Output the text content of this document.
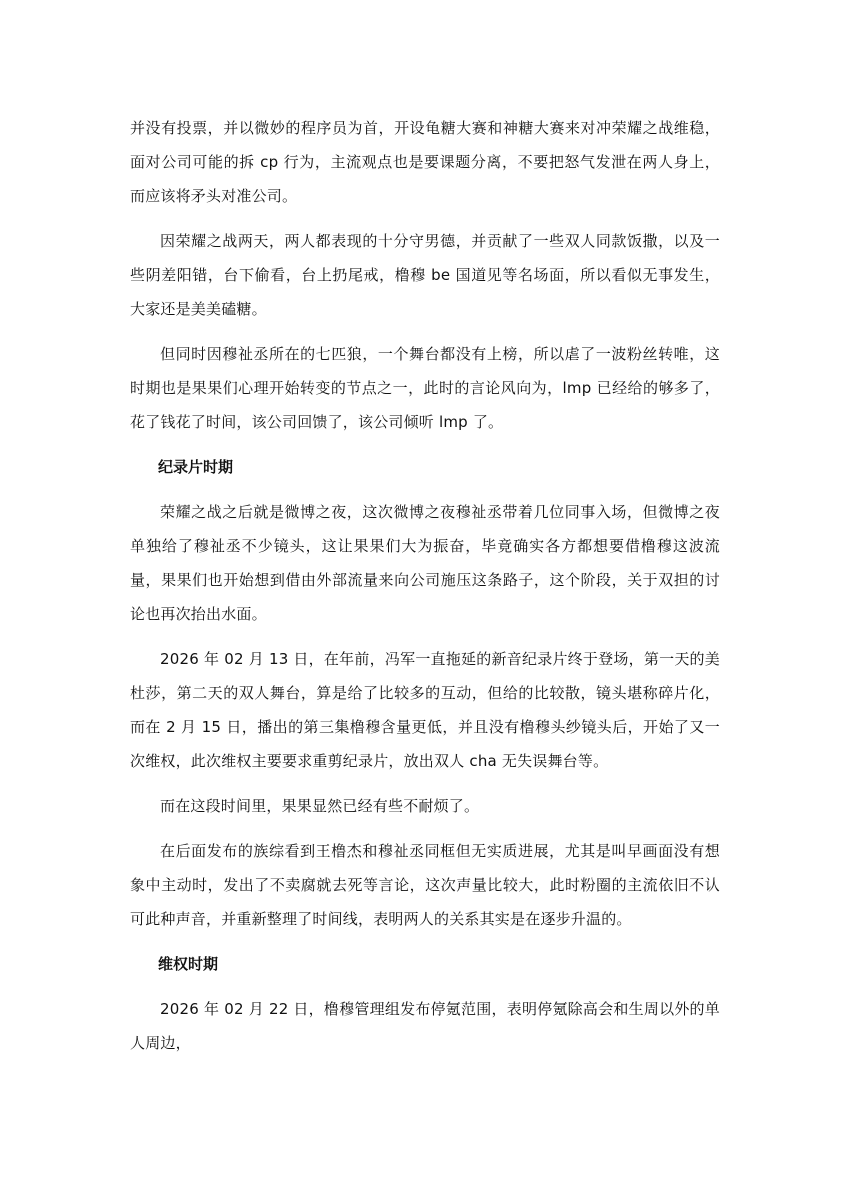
并没有投票，并以微妙的程序员为首，开设龟糖大赛和神糖大赛来对冲荣耀之战维稳，面对公司可能的拆 cp 行为，主流观点也是要课题分离，不要把怒气发泄在两人身上，而应该将矛头对准公司。

因荣耀之战两天，两人都表现的十分守男德，并贡献了一些双人同款饭撒，以及一些阴差阳错，台下偷看，台上扔尾戒，橹穆 be 国道见等名场面，所以看似无事发生，大家还是美美磕糖。

但同时因穆祉丞所在的七匹狼，一个舞台都没有上榜，所以虐了一波粉丝转唯，这时期也是果果们心理开始转变的节点之一，此时的言论风向为，lmp 已经给的够多了，花了钱花了时间，该公司回馈了，该公司倾听 lmp 了。

纪录片时期

荣耀之战之后就是微博之夜，这次微博之夜穆祉丞带着几位同事入场，但微博之夜单独给了穆祉丞不少镜头，这让果果们大为振奋，毕竟确实各方都想要借橹穆这波流量，果果们也开始想到借由外部流量来向公司施压这条路子，这个阶段，关于双担的讨论也再次抬出水面。

2026 年 02 月 13 日，在年前，冯军一直拖延的新音纪录片终于登场，第一天的美杜莎，第二天的双人舞台，算是给了比较多的互动，但给的比较散，镜头堪称碎片化，而在 2 月 15 日，播出的第三集橹穆含量更低，并且没有橹穆头纱镜头后，开始了又一次维权，此次维权主要要求重剪纪录片，放出双人 cha 无失误舞台等。

而在这段时间里，果果显然已经有些不耐烦了。

在后面发布的族综看到王橹杰和穆祉丞同框但无实质进展，尤其是叫早画面没有想象中主动时，发出了不卖腐就去死等言论，这次声量比较大，此时粉圈的主流依旧不认可此种声音，并重新整理了时间线，表明两人的关系其实是在逐步升温的。

维权时期

2026 年 02 月 22 日，橹穆管理组发布停氪范围，表明停氪除高会和生周以外的单人周边，
